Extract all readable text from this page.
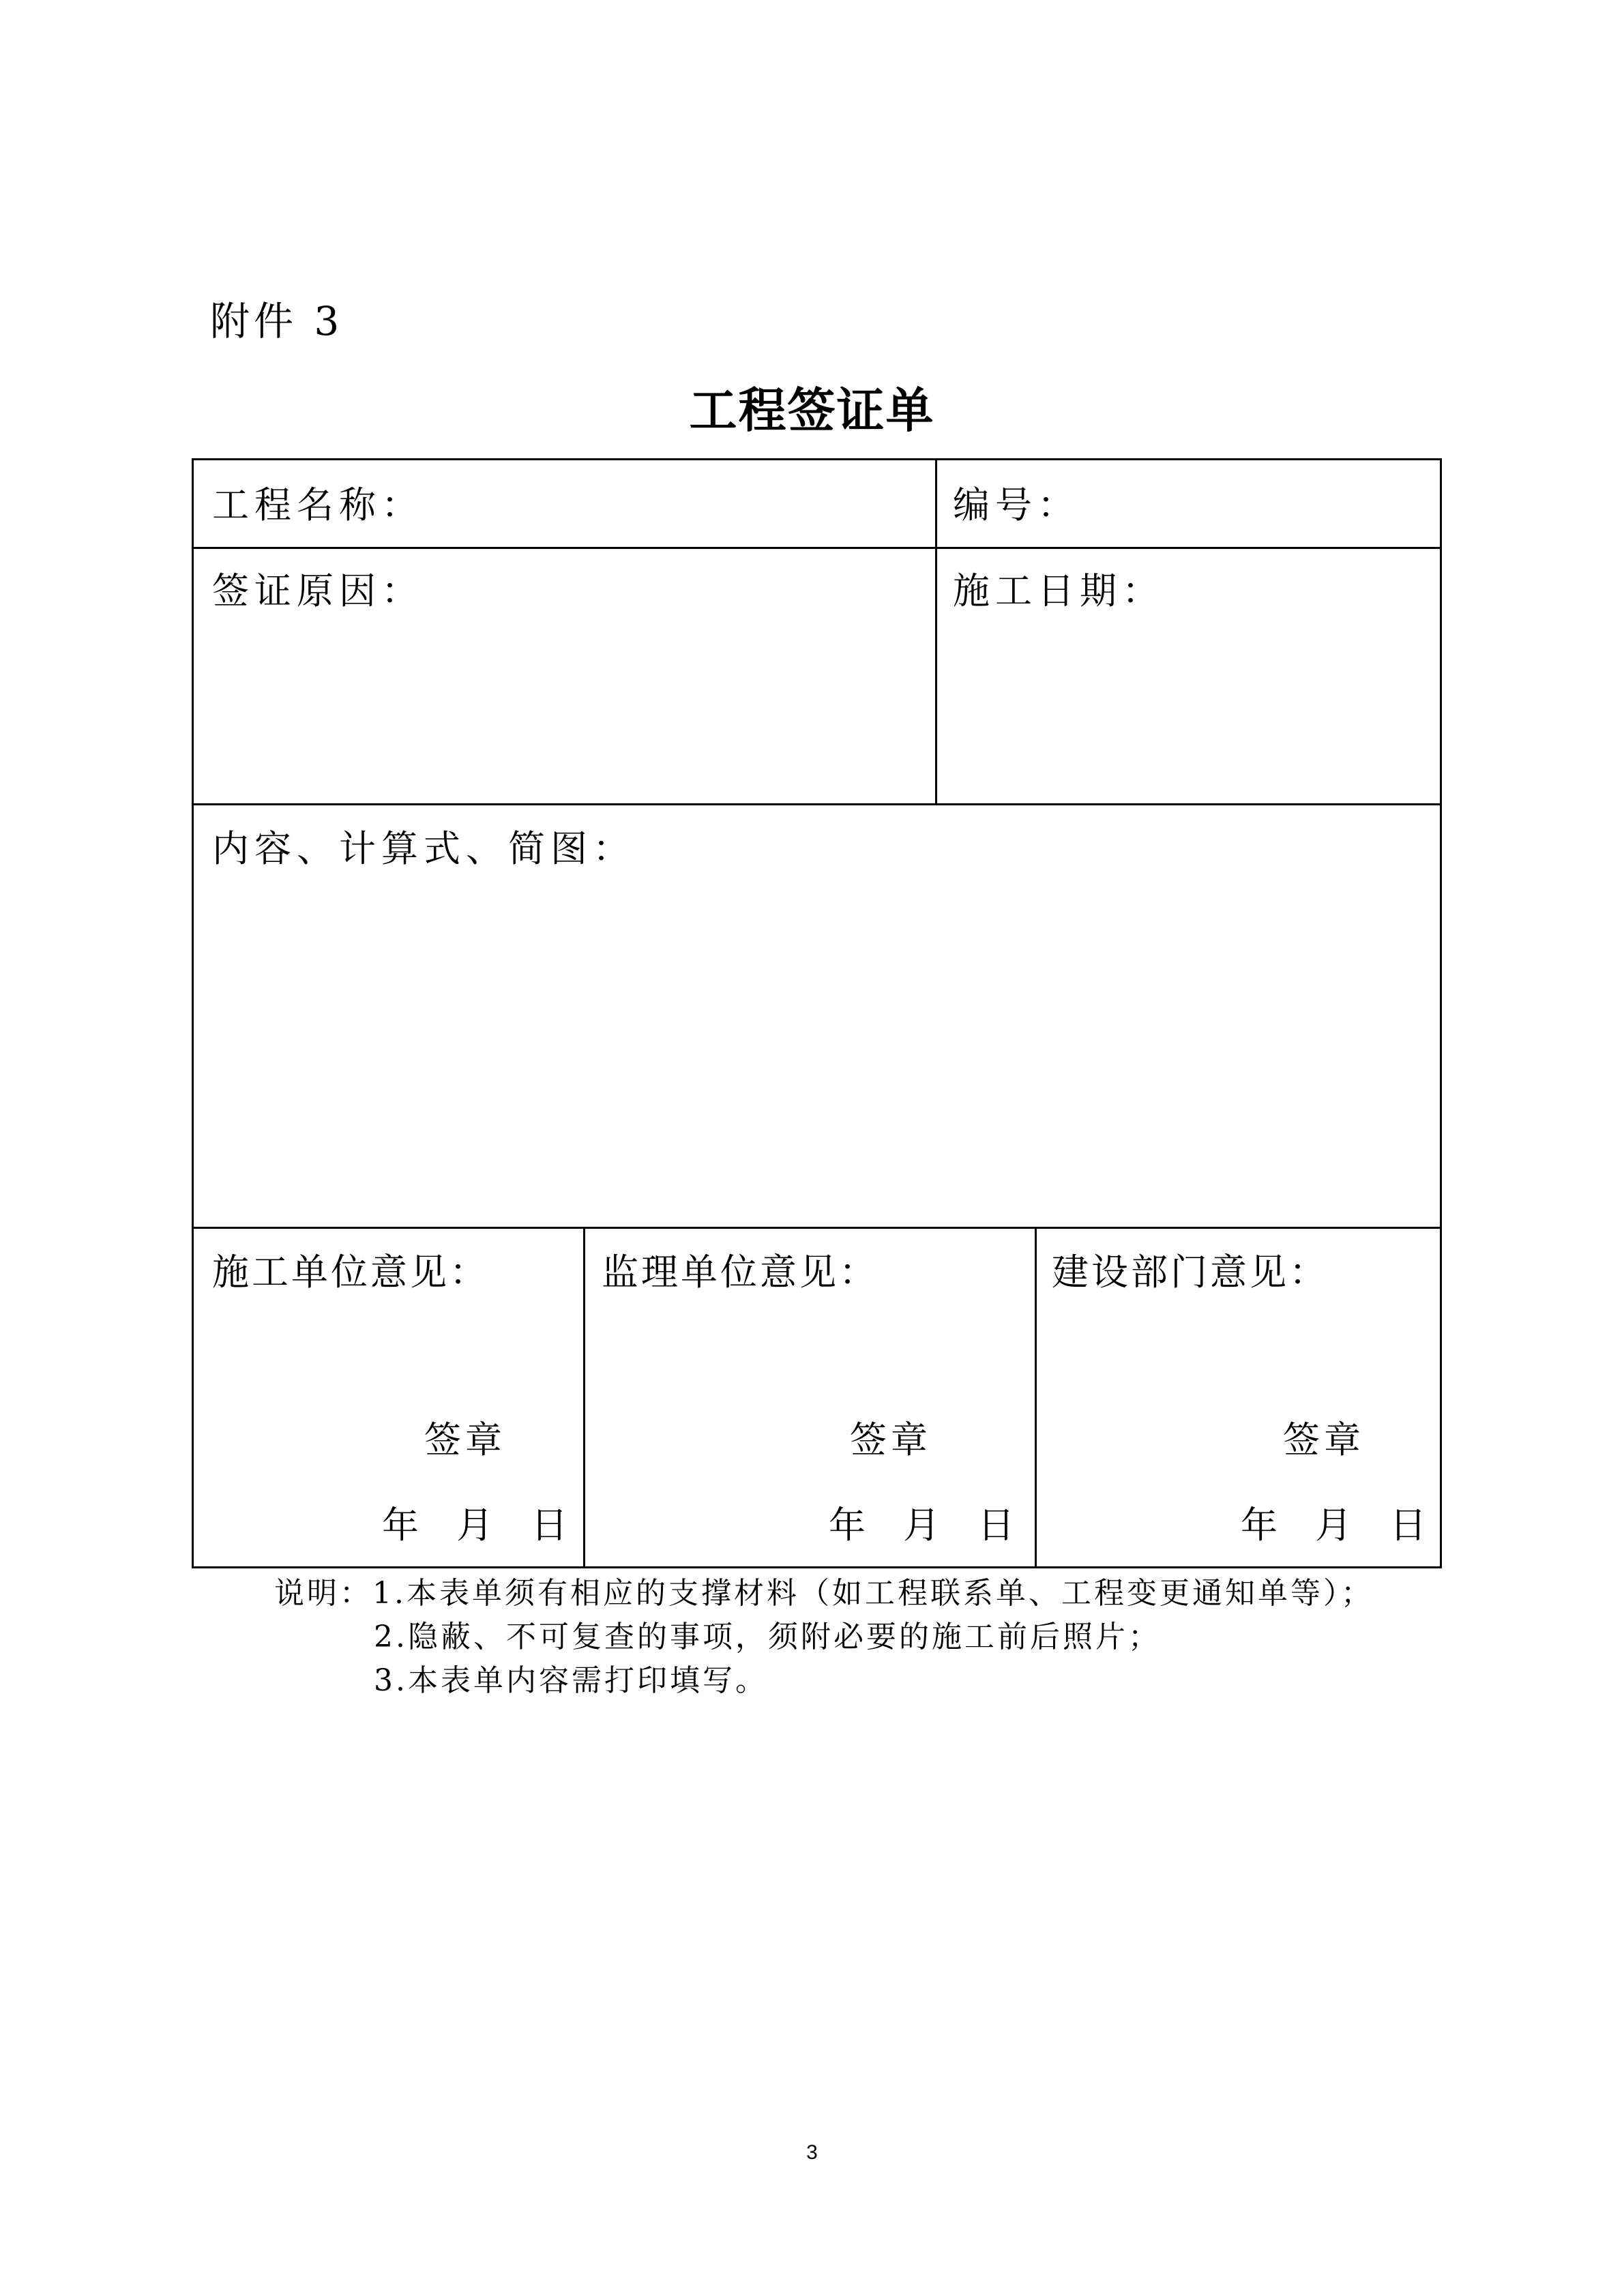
附件 3
工程签证单
工程名称：	编号：
签证原因：	施工日期：
内容、计算式、简图：
施工单位意见：
签章
年 月 日
监理单位意见：
签章
年 月 日
建设部门意见：
签章
年 月 日
说明：1.本表单须有相应的支撑材料（如工程联系单、工程变更通知单等）；
2.隐蔽、不可复查的事项，须附必要的施工前后照片；
3.本表单内容需打印填写。
3
